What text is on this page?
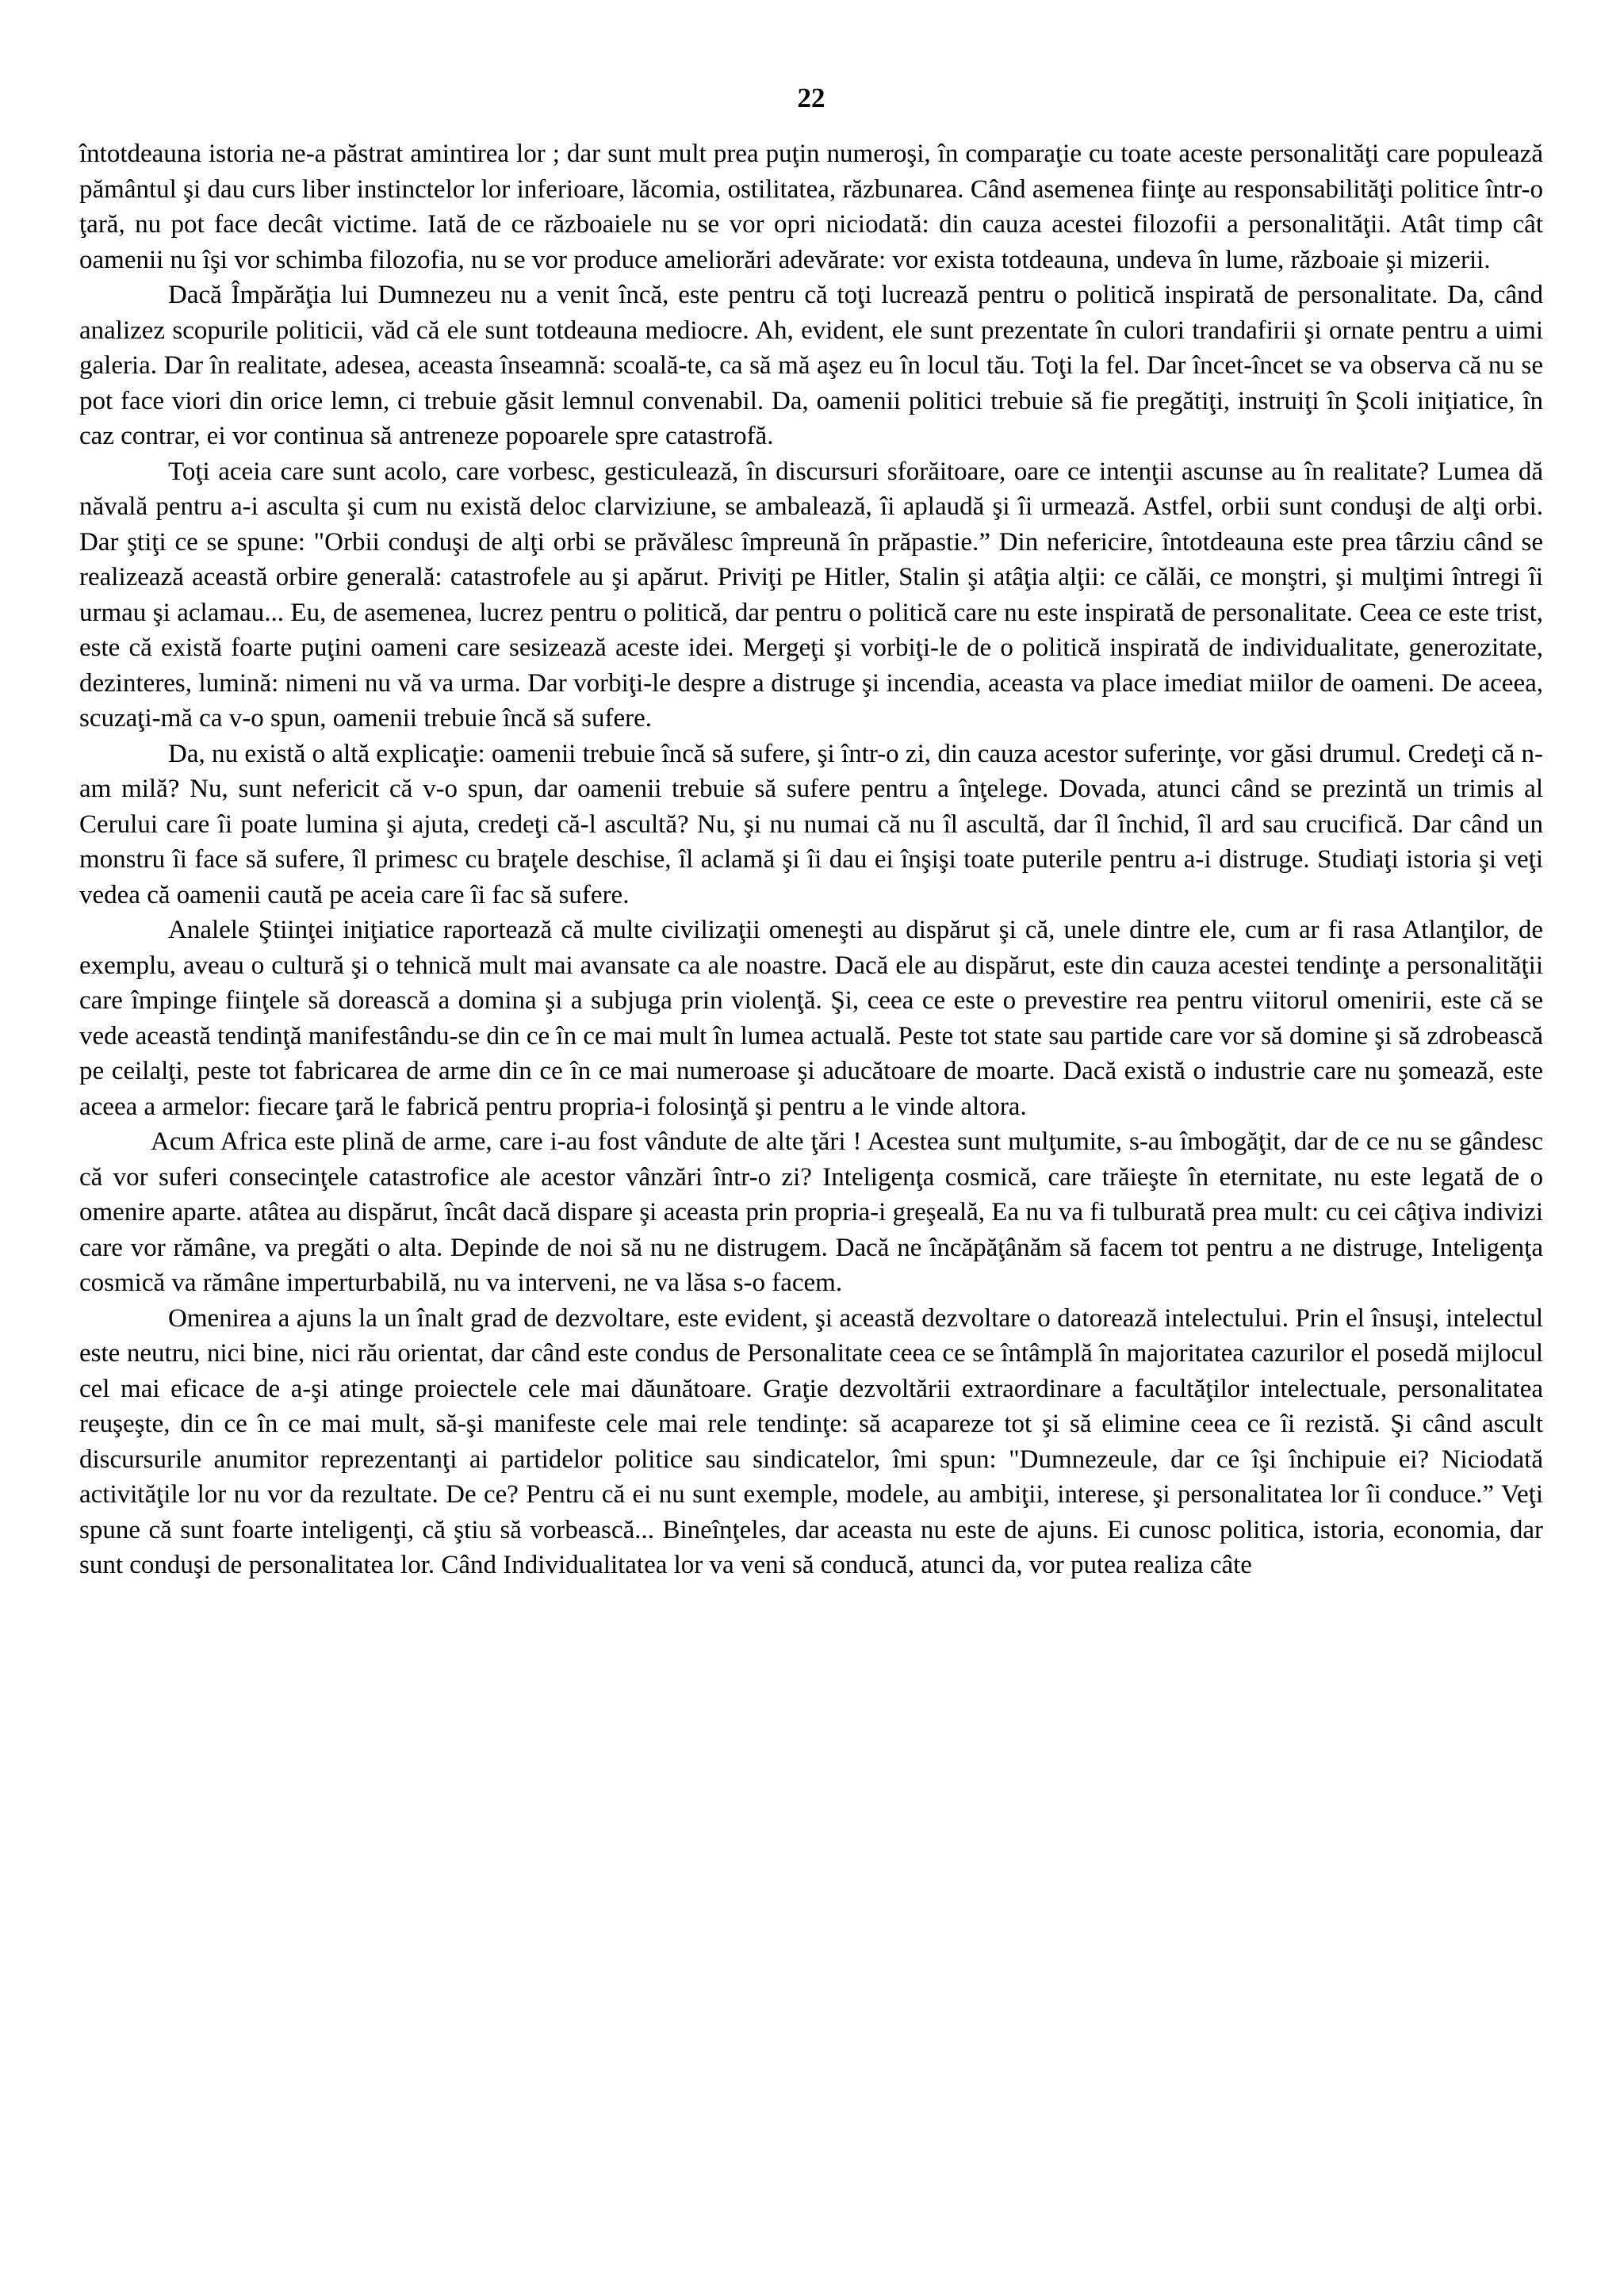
22

întotdeauna istoria ne-a păstrat amintirea lor ; dar sunt mult prea puţin numeroşi, în comparaţie cu toate aceste personalităţi care populează pământul şi dau curs liber instinctelor lor inferioare, lăcomia, ostilitatea, răzbunarea. Când asemenea fiinţe au responsabilităţi politice într-o ţară, nu pot face decât victime. Iată de ce războaiele nu se vor opri niciodată: din cauza acestei filozofii a personalităţii. Atât timp cât oamenii nu îşi vor schimba filozofia, nu se vor produce ameliorări adevărate: vor exista totdeauna, undeva în lume, războaie şi mizerii.

Dacă Împărăţia lui Dumnezeu nu a venit încă, este pentru că toţi lucrează pentru o politică inspirată de personalitate. Da, când analizez scopurile politicii, văd că ele sunt totdeauna mediocre. Ah, evident, ele sunt prezentate în culori trandafirii şi ornate pentru a uimi galeria. Dar în realitate, adesea, aceasta înseamnă: scoală-te, ca să mă aşez eu în locul tău. Toţi la fel. Dar încet-încet se va observa că nu se pot face viori din orice lemn, ci trebuie găsit lemnul convenabil. Da, oamenii politici trebuie să fie pregătiţi, instruiţi în Şcoli iniţiatice, în caz contrar, ei vor continua să antreneze popoarele spre catastrofă.

Toţi aceia care sunt acolo, care vorbesc, gesticulează, în discursuri sforăitoare, oare ce intenţii ascunse au în realitate? Lumea dă năvală pentru a-i asculta şi cum nu există deloc clarviziune, se ambalează, îi aplaudă şi îi urmează. Astfel, orbii sunt conduşi de alţi orbi. Dar ştiţi ce se spune: "Orbii conduşi de alţi orbi se prăvălesc împreună în prăpastie.” Din nefericire, întotdeauna este prea târziu când se realizează această orbire generală: catastrofele au şi apărut. Priviţi pe Hitler, Stalin şi atâţia alţii: ce călăi, ce monştri, şi mulţimi întregi îi urmau şi aclamau... Eu, de asemenea, lucrez pentru o politică, dar pentru o politică care nu este inspirată de personalitate. Ceea ce este trist, este că există foarte puţini oameni care sesizează aceste idei. Mergeţi şi vorbiţi-le de o politică inspirată de individualitate, generozitate, dezinteres, lumină: nimeni nu vă va urma. Dar vorbiţi-le despre a distruge şi incendia, aceasta va place imediat miilor de oameni. De aceea, scuzaţi-mă ca v-o spun, oamenii trebuie încă să sufere.

Da, nu există o altă explicaţie: oamenii trebuie încă să sufere, şi într-o zi, din cauza acestor suferinţe, vor găsi drumul. Credeţi că n-am milă? Nu, sunt nefericit că v-o spun, dar oamenii trebuie să sufere pentru a înţelege. Dovada, atunci când se prezintă un trimis al Cerului care îi poate lumina şi ajuta, credeţi că-l ascultă? Nu, şi nu numai că nu îl ascultă, dar îl închid, îl ard sau crucifică. Dar când un monstru îi face să sufere, îl primesc cu braţele deschise, îl aclamă şi îi dau ei înşişi toate puterile pentru a-i distruge. Studiaţi istoria şi veţi vedea că oamenii caută pe aceia care îi fac să sufere.

Analele Ştiinţei iniţiatice raportează că multe civilizaţii omeneşti au dispărut şi că, unele dintre ele, cum ar fi rasa Atlanţilor, de exemplu, aveau o cultură şi o tehnică mult mai avansate ca ale noastre. Dacă ele au dispărut, este din cauza acestei tendinţe a personalităţii care împinge fiinţele să dorească a domina şi a subjuga prin violenţă. Şi, ceea ce este o prevestire rea pentru viitorul omenirii, este că se vede această tendinţă manifestându-se din ce în ce mai mult în lumea actuală. Peste tot state sau partide care vor să domine şi să zdrobească pe ceilalţi, peste tot fabricarea de arme din ce în ce mai numeroase şi aducătoare de moarte. Dacă există o industrie care nu şomează, este aceea a armelor: fiecare ţară le fabrică pentru propria-i folosinţă şi pentru a le vinde altora.

Acum Africa este plină de arme, care i-au fost vândute de alte ţări ! Acestea sunt mulţumite, s-au îmbogăţit, dar de ce nu se gândesc că vor suferi consecinţele catastrofice ale acestor vânzări într-o zi? Inteligenţa cosmică, care trăieşte în eternitate, nu este legată de o omenire aparte. atâtea au dispărut, încât dacă dispare şi aceasta prin propria-i greşeală, Ea nu va fi tulburată prea mult: cu cei câţiva indivizi care vor rămâne, va pregăti o alta. Depinde de noi să nu ne distrugem. Dacă ne încăpăţânăm să facem tot pentru a ne distruge, Inteligenţa cosmică va rămâne imperturbabilă, nu va interveni, ne va lăsa s-o facem.

Omenirea a ajuns la un înalt grad de dezvoltare, este evident, şi această dezvoltare o datorează intelectului. Prin el însuşi, intelectul este neutru, nici bine, nici rău orientat, dar când este condus de Personalitate ceea ce se întâmplă în majoritatea cazurilor el posedă mijlocul cel mai eficace de a-şi atinge proiectele cele mai dăunătoare. Graţie dezvoltării extraordinare a facultăţilor intelectuale, personalitatea reuşeşte, din ce în ce mai mult, să-şi manifeste cele mai rele tendinţe: să acapareze tot şi să elimine ceea ce îi rezistă. Şi când ascult discursurile anumitor reprezentanţi ai partidelor politice sau sindicatelor, îmi spun: "Dumnezeule, dar ce îşi închipuie ei? Niciodată activităţile lor nu vor da rezultate. De ce? Pentru că ei nu sunt exemple, modele, au ambiţii, interese, şi personalitatea lor îi conduce.” Veţi spune că sunt foarte inteligenţi, că ştiu să vorbească... Bineînţeles, dar aceasta nu este de ajuns. Ei cunosc politica, istoria, economia, dar sunt conduşi de personalitatea lor. Când Individualitatea lor va veni să conducă, atunci da, vor putea realiza câte
